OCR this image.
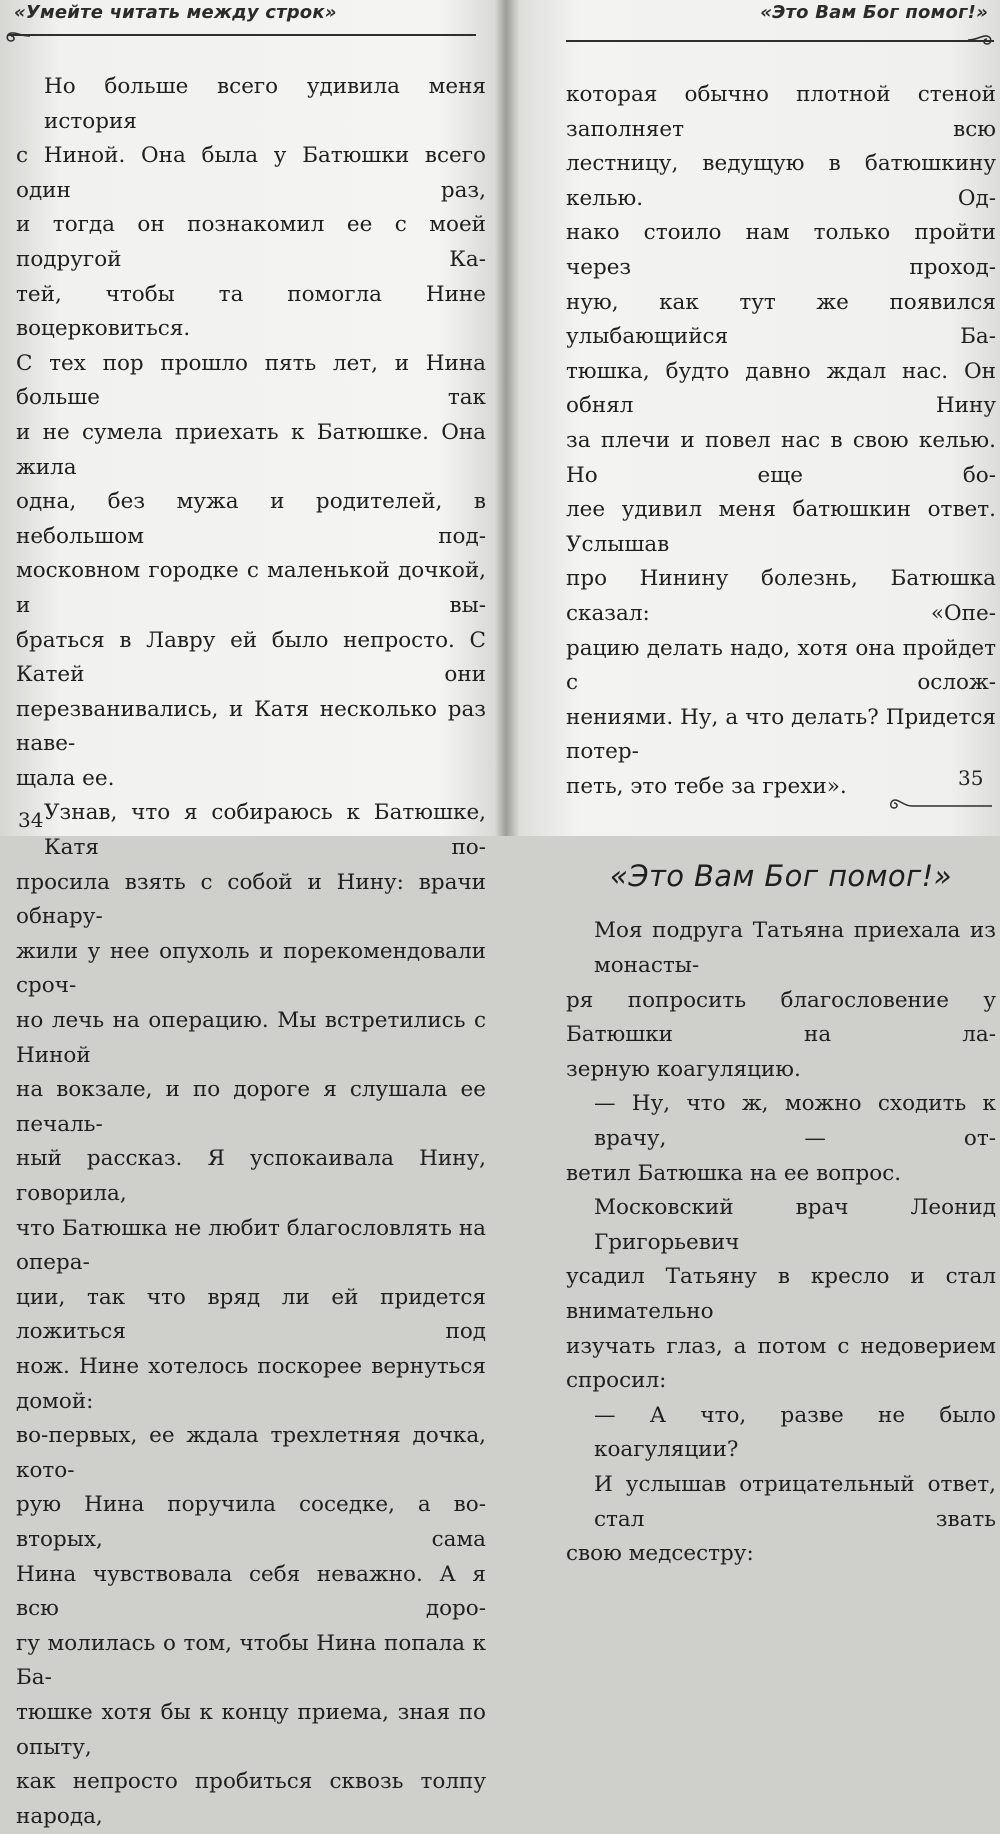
«Умейте читать между строк»

Но больше всего удивила меня история

с Ниной. Она была у Батюшки всего один раз,

и тогда он познакомил ее с моей подругой Ка-

тей, чтобы та помогла Нине воцерковиться.

С тех пор прошло пять лет, и Нина больше так

и не сумела приехать к Батюшке. Она жила

одна, без мужа и родителей, в небольшом под-

московном городке с маленькой дочкой, и вы-

браться в Лавру ей было непросто. С Катей они

перезванивались, и Катя несколько раз наве-

щала ее.

Узнав, что я собираюсь к Батюшке, Катя по-

просила взять с собой и Нину: врачи обнару-

жили у нее опухоль и порекомендовали сроч-

но лечь на операцию. Мы встретились с Ниной

на вокзале, и по дороге я слушала ее печаль-

ный рассказ. Я успокаивала Нину, говорила,

что Батюшка не любит благословлять на опера-

ции, так что вряд ли ей придется ложиться под

нож. Нине хотелось поскорее вернуться домой:

во-первых, ее ждала трехлетняя дочка, кото-

рую Нина поручила соседке, а во-вторых, сама

Нина чувствовала себя неважно. А я всю доро-

гу молилась о том, чтобы Нина попала к Ба-

тюшке хотя бы к концу приема, зная по опыту,

как непросто пробиться сквозь толпу народа,

34
«Это Вам Бог помог!»

которая обычно плотной стеной заполняет всю

лестницу, ведущую в батюшкину келью. Од-

нако стоило нам только пройти через проход-

ную, как тут же появился улыбающийся Ба-

тюшка, будто давно ждал нас. Он обнял Нину

за плечи и повел нас в свою келью. Но еще бо-

лее удивил меня батюшкин ответ. Услышав

про Нинину болезнь, Батюшка сказал: «Опе-

рацию делать надо, хотя она пройдет с ослож-

нениями. Ну, а что делать? Придется потер-

петь, это тебе за грехи».

«Это Вам Бог помог!»

Моя подруга Татьяна приехала из монасты-

ря попросить благословение у Батюшки на ла-

зерную коагуляцию.

— Ну, что ж, можно сходить к врачу, — от-

ветил Батюшка на ее вопрос.

Московский врач Леонид Григорьевич

усадил Татьяну в кресло и стал внимательно

изучать глаз, а потом с недоверием спросил:

— А что, разве не было коагуляции?

И услышав отрицательный ответ, стал звать

свою медсестру:

35
